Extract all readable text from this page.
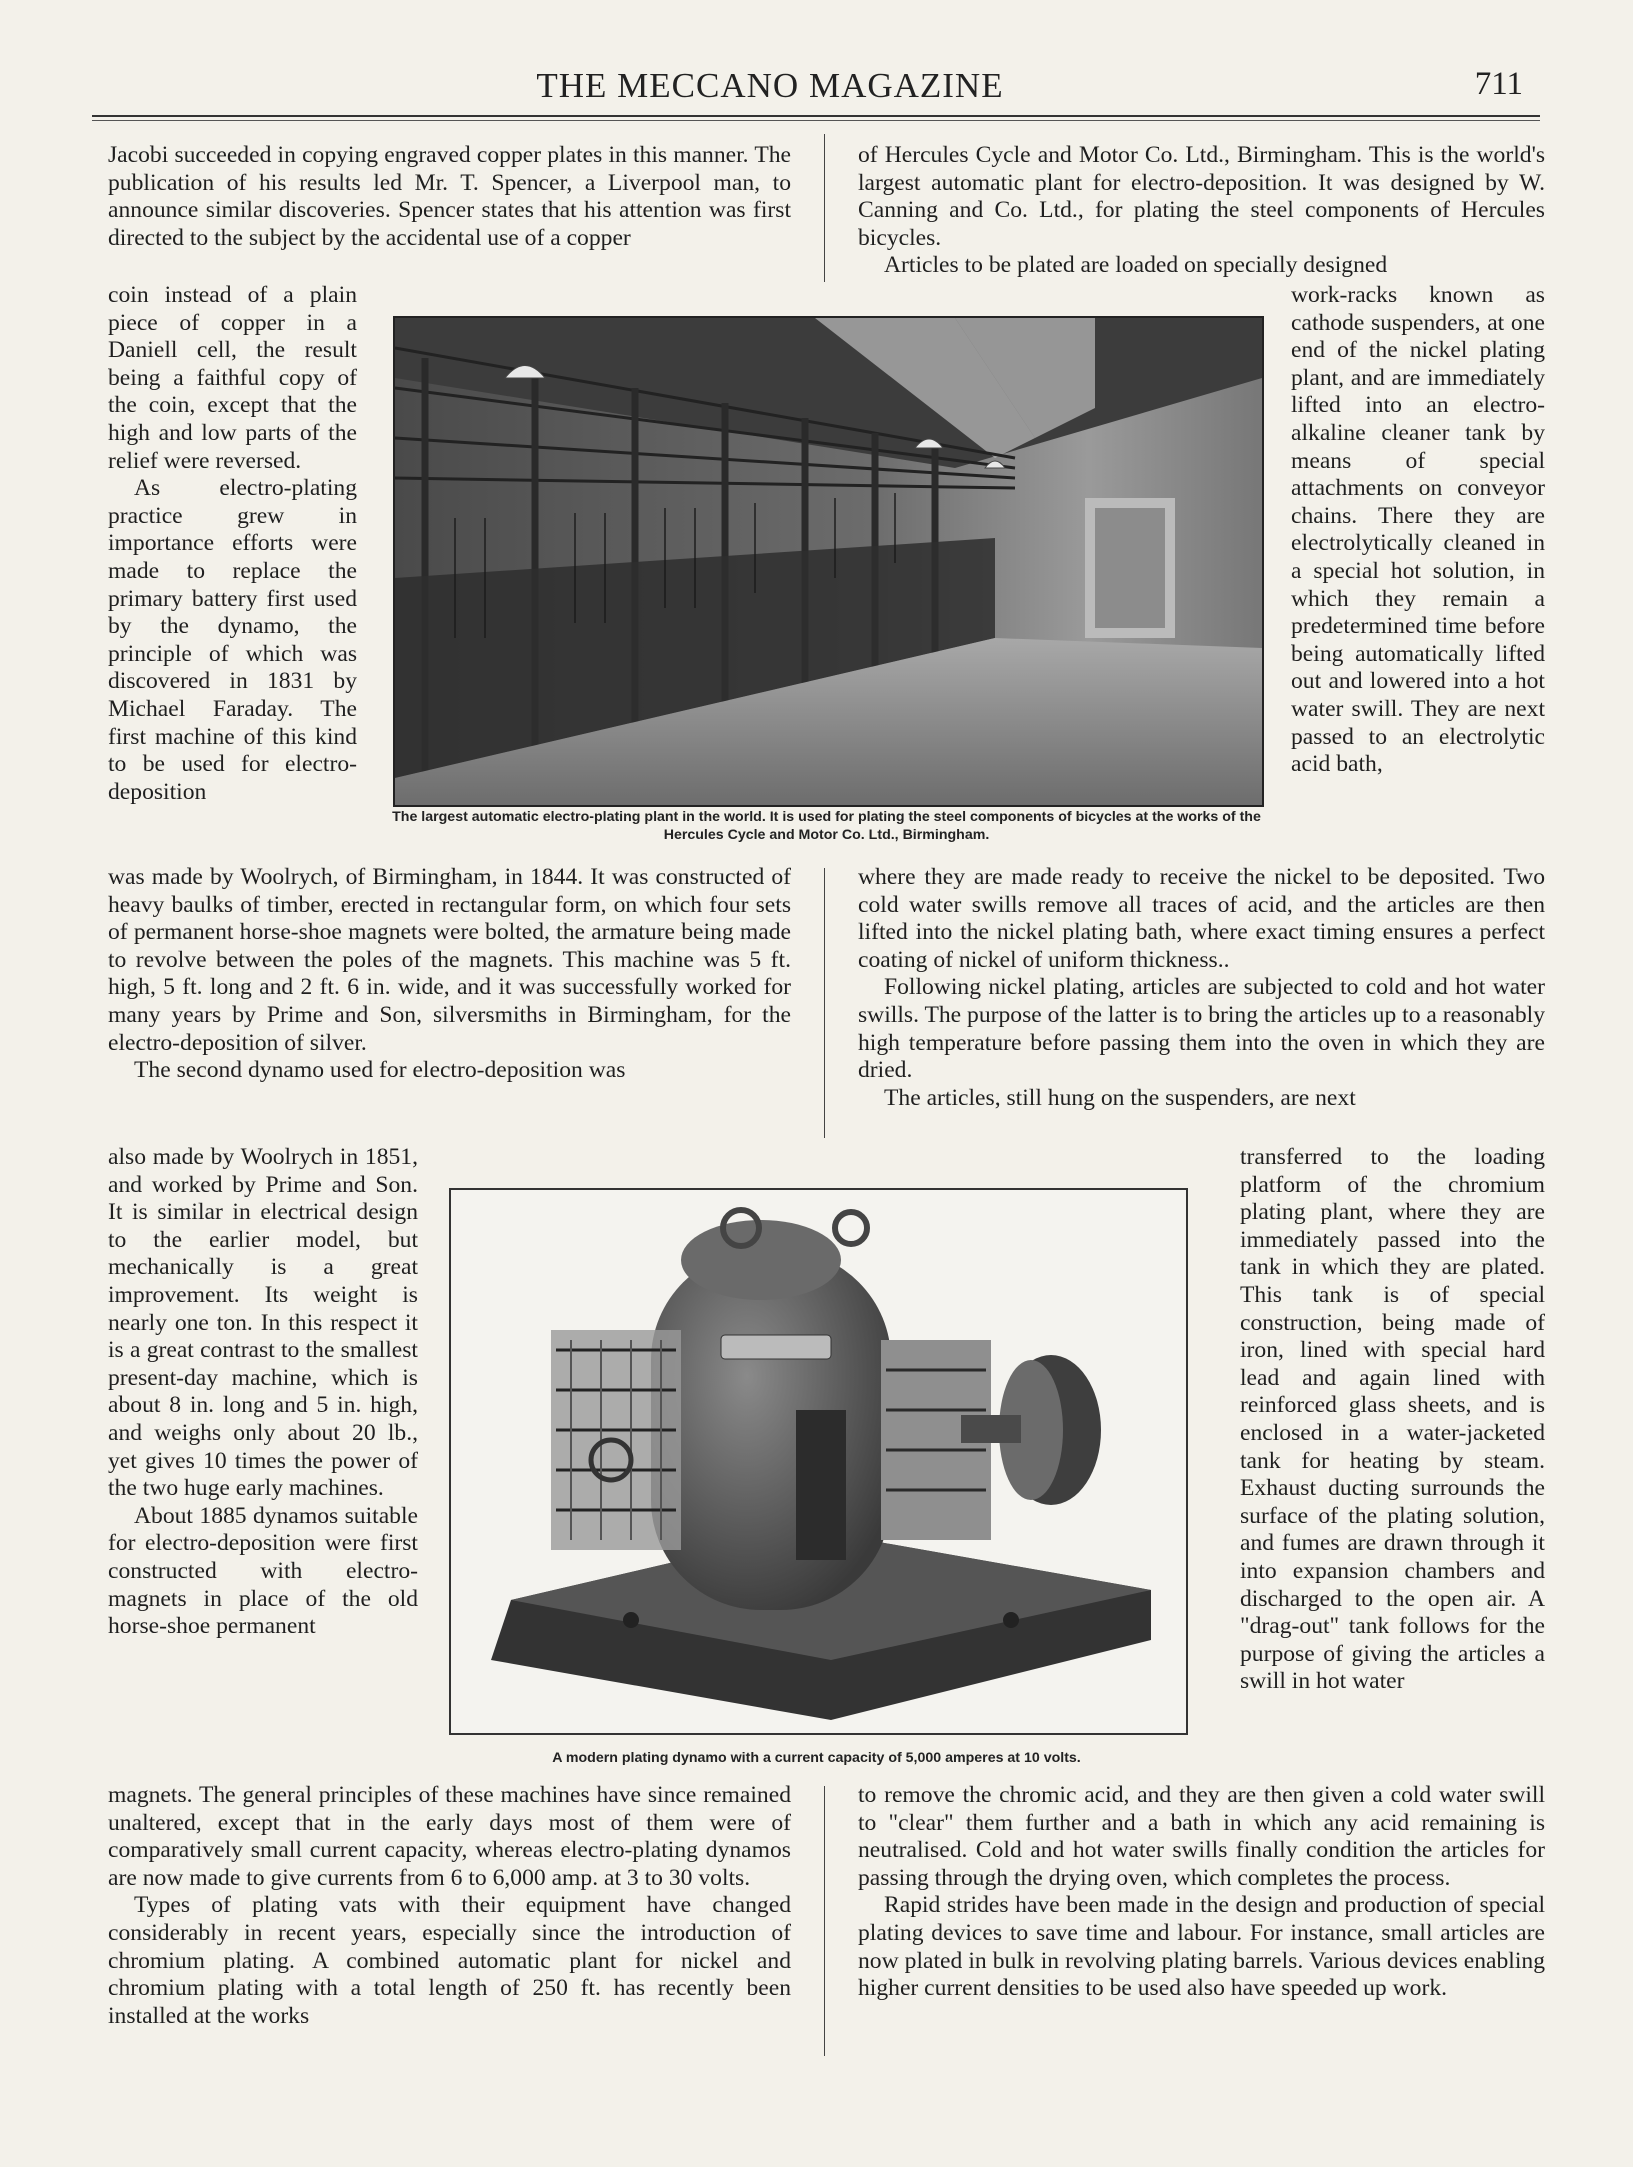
THE MECCANO MAGAZINE	711

Jacobi succeeded in copying engraved copper plates in this manner. The publication of his results led Mr. T. Spencer, a Liverpool man, to announce similar discoveries. Spencer states that his attention was first directed to the subject by the accidental use of a copper

coin instead of a plain piece of copper in a Daniell cell, the result being a faithful copy of the coin, except that the high and low parts of the relief were reversed.

As electro-plating practice grew in importance efforts were made to replace the primary battery first used by the dynamo, the principle of which was discovered in 1831 by Michael Faraday. The first machine of this kind to be used for electro-deposition

was made by Woolrych, of Birmingham, in 1844. It was constructed of heavy baulks of timber, erected in rectangular form, on which four sets of permanent horse-shoe magnets were bolted, the armature being made to revolve between the poles of the magnets. This machine was 5 ft. high, 5 ft. long and 2 ft. 6 in. wide, and it was successfully worked for many years by Prime and Son, silversmiths in Birmingham, for the electro-deposition of silver.

The second dynamo used for electro-deposition was

also made by Woolrych in 1851, and worked by Prime and Son. It is similar in electrical design to the earlier model, but mechanically is a great improvement. Its weight is nearly one ton. In this respect it is a great contrast to the smallest present-day machine, which is about 8 in. long and 5 in. high, and weighs only about 20 lb., yet gives 10 times the power of the two huge early machines.

About 1885 dynamos suitable for electro-deposition were first constructed with electro-magnets in place of the old horse-shoe permanent

magnets. The general principles of these machines have since remained unaltered, except that in the early days most of them were of comparatively small current capacity, whereas electro-plating dynamos are now made to give currents from 6 to 6,000 amp. at 3 to 30 volts.

Types of plating vats with their equipment have changed considerably in recent years, especially since the introduction of chromium plating. A combined automatic plant for nickel and chromium plating with a total length of 250 ft. has recently been installed at the works

of Hercules Cycle and Motor Co. Ltd., Birmingham. This is the world's largest automatic plant for electro-deposition. It was designed by W. Canning and Co. Ltd., for plating the steel components of Hercules bicycles.

Articles to be plated are loaded on specially designed

work-racks known as cathode suspenders, at one end of the nickel plating plant, and are immediately lifted into an electro-alkaline cleaner tank by means of special attachments on conveyor chains. There they are electrolytically cleaned in a special hot solution, in which they remain a predetermined time before being automatically lifted out and lowered into a hot water swill. They are next passed to an electrolytic acid bath,

where they are made ready to receive the nickel to be deposited. Two cold water swills remove all traces of acid, and the articles are then lifted into the nickel plating bath, where exact timing ensures a perfect coating of nickel of uniform thickness..

Following nickel plating, articles are subjected to cold and hot water swills. The purpose of the latter is to bring the articles up to a reasonably high temperature before passing them into the oven in which they are dried.

The articles, still hung on the suspenders, are next

transferred to the loading platform of the chromium plating plant, where they are immediately passed into the tank in which they are plated. This tank is of special construction, being made of iron, lined with special hard lead and again lined with reinforced glass sheets, and is enclosed in a water-jacketed tank for heating by steam. Exhaust ducting surrounds the surface of the plating solution, and fumes are drawn through it into expansion chambers and discharged to the open air. A "drag-out" tank follows for the purpose of giving the articles a swill in hot water

to remove the chromic acid, and they are then given a cold water swill to "clear" them further and a bath in which any acid remaining is neutralised. Cold and hot water swills finally condition the articles for passing through the drying oven, which completes the process.

Rapid strides have been made in the design and production of special plating devices to save time and labour. For instance, small articles are now plated in bulk in revolving plating barrels. Various devices enabling higher current densities to be used also have speeded up work.

The largest automatic electro-plating plant in the world. It is used for plating the steel components of bicycles at the works of the Hercules Cycle and Motor Co. Ltd., Birmingham.
A modern plating dynamo with a current capacity of 5,000 amperes at 10 volts.
